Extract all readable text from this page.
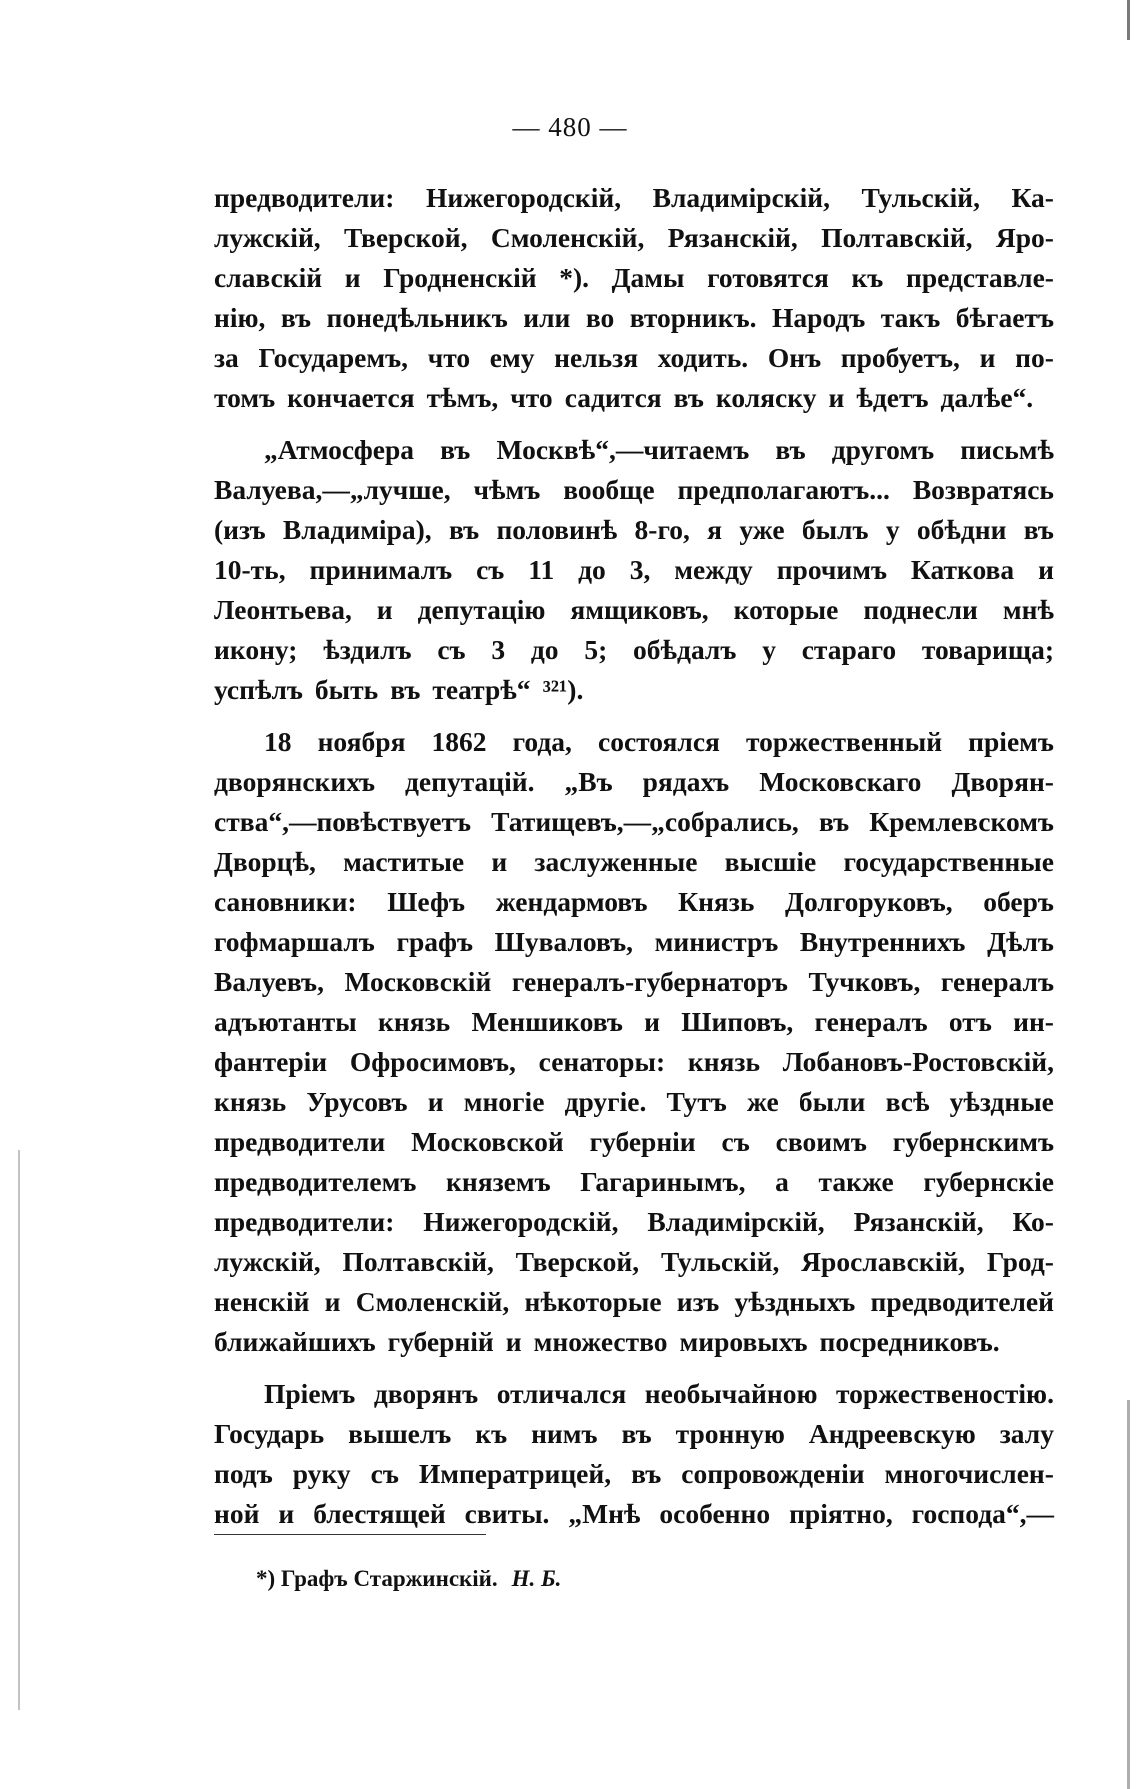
— 480 —
предводители: Нижегородскій, Владимірскій, Тульскій, Ка-
лужскій, Тверской, Смоленскій, Рязанскій, Полтавскій, Яро-
славскій и Гродненскій *). Дамы готовятся къ представле-
нію, въ понедѣльникъ или во вторникъ. Народъ такъ бѣгаетъ
за Государемъ, что ему нельзя ходить. Онъ пробуетъ, и по-
томъ кончается тѣмъ, что садится въ коляску и ѣдетъ далѣе“.
„Атмосфера въ Москвѣ“,—читаемъ въ другомъ письмѣ
Валуева,—„лучше, чѣмъ вообще предполагаютъ... Возвратясь
(изъ Владиміра), въ половинѣ 8-го, я уже былъ у обѣдни въ
10-ть, принималъ съ 11 до 3, между прочимъ Каткова и
Леонтьева, и депутацію ямщиковъ, которые поднесли мнѣ
икону; ѣздилъ съ 3 до 5; обѣдалъ у стараго товарища;
успѣлъ быть въ театрѣ“ ³²¹).
18 ноября 1862 года, состоялся торжественный пріемъ
дворянскихъ депутацій. „Въ рядахъ Московскаго Дворян-
ства“,—повѣствуетъ Татищевъ,—„собрались, въ Кремлевскомъ
Дворцѣ, маститые и заслуженные высшіе государственные
сановники: Шефъ жендармовъ Князь Долгоруковъ, оберъ
гофмаршалъ графъ Шуваловъ, министръ Внутреннихъ Дѣлъ
Валуевъ, Московскій генералъ-губернаторъ Тучковъ, генералъ
адъютанты князь Меншиковъ и Шиповъ, генералъ отъ ин-
фантеріи Офросимовъ, сенаторы: князь Лобановъ-Ростовскій,
князь Урусовъ и многіе другіе. Тутъ же были всѣ уѣздные
предводители Московской губерніи съ своимъ губернскимъ
предводителемъ княземъ Гагаринымъ, а также губернскіе
предводители: Нижегородскій, Владимірскій, Рязанскій, Ко-
лужскій, Полтавскій, Тверской, Тульскій, Ярославскій, Грод-
ненскій и Смоленскій, нѣкоторые изъ уѣздныхъ предводителей
ближайшихъ губерній и множество мировыхъ посредниковъ.
Пріемъ дворянъ отличался необычайною торжественостію.
Государь вышелъ къ нимъ въ тронную Андреевскую залу
подъ руку съ Императрицей, въ сопровожденіи многочислен-
ной и блестящей свиты. „Мнѣ особенно пріятно, господа“,—
*) Графъ Старжинскій. Н. Б.
